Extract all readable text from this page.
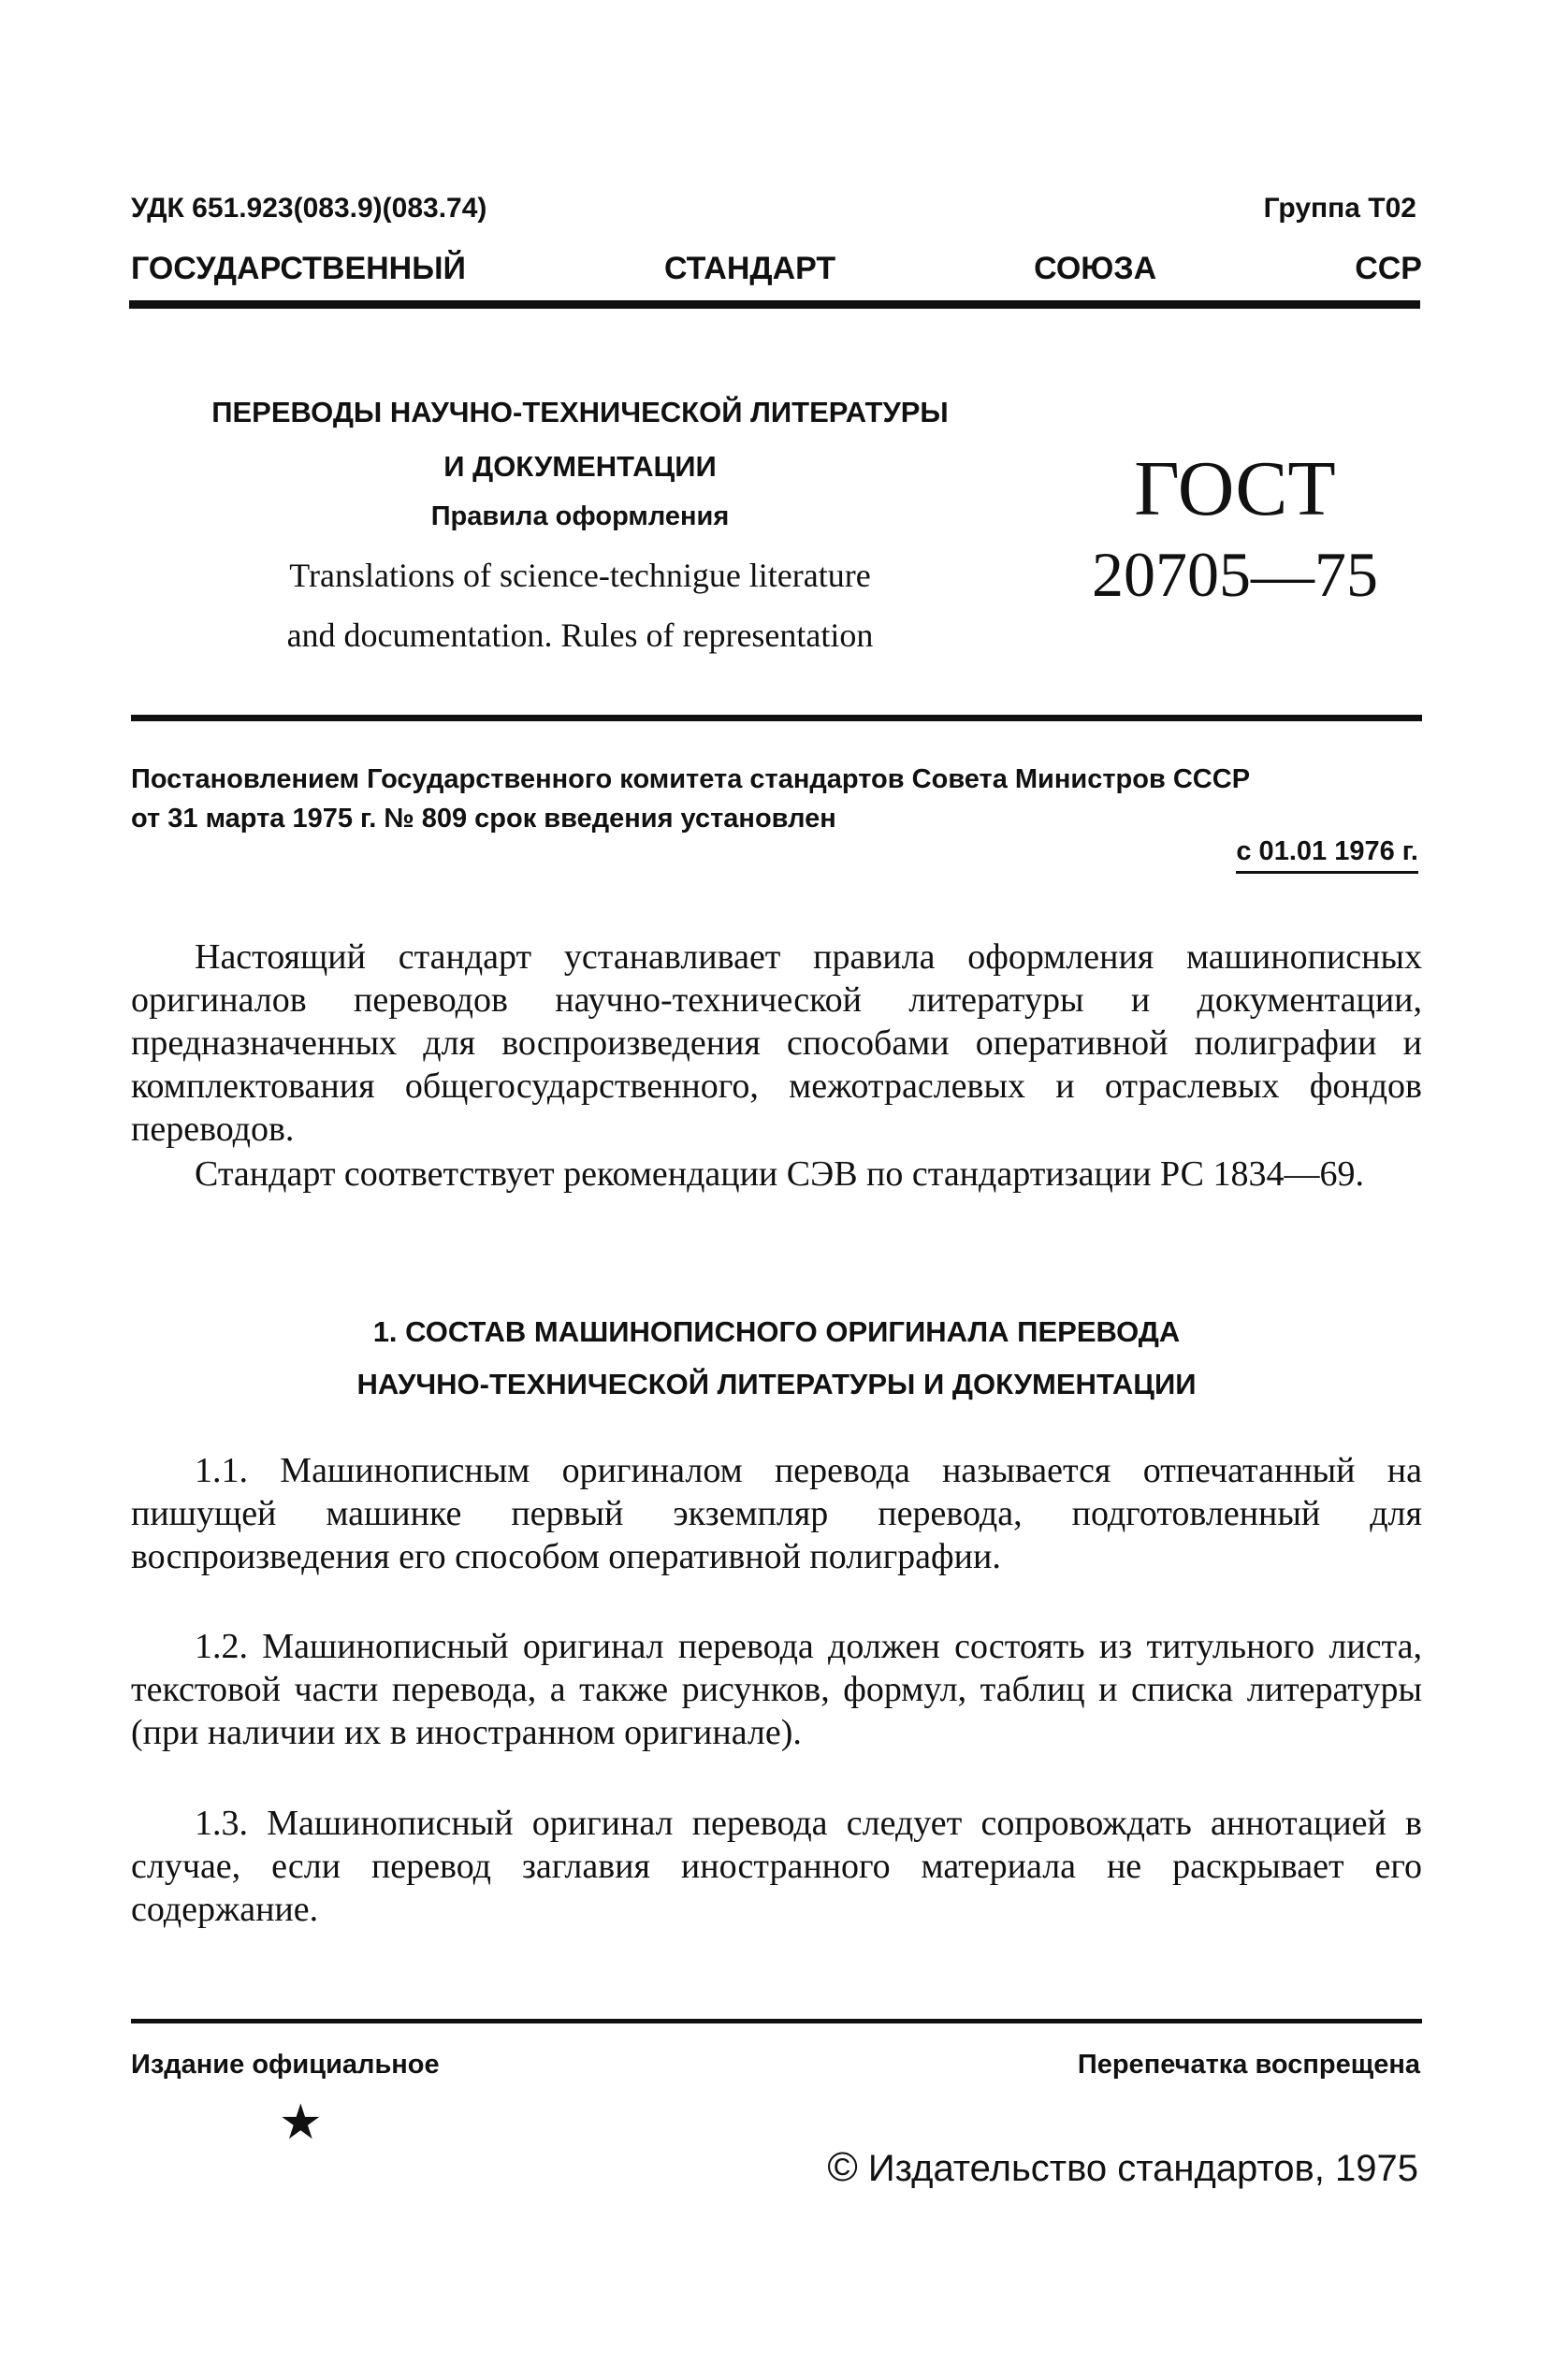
УДК 651.923(083.9)(083.74)	Группа Т02
ГОСУДАРСТВЕННЫЙ	СТАНДАРТ	СОЮЗА	ССР
ПЕРЕВОДЫ НАУЧНО-ТЕХНИЧЕСКОЙ ЛИТЕРАТУРЫ
И ДОКУМЕНТАЦИИ
Правила оформления
Translations of science-technigue literature
and documentation. Rules of representation
ГОСТ
20705—75
Постановлением Государственного комитета стандартов Совета Министров СССР
от 31 марта 1975 г. № 809 срок введения установлен
с 01.01 1976 г.
Настоящий стандарт устанавливает правила оформления машинописных оригиналов переводов научно-технической литературы и документации, предназначенных для воспроизведения способами оперативной полиграфии и комплектования общегосударственного, межотраслевых и отраслевых фондов переводов.
Стандарт соответствует рекомендации СЭВ по стандартизации РС 1834—69.
1. СОСТАВ МАШИНОПИСНОГО ОРИГИНАЛА ПЕРЕВОДА
НАУЧНО-ТЕХНИЧЕСКОЙ ЛИТЕРАТУРЫ И ДОКУМЕНТАЦИИ
1.1. Машинописным оригиналом перевода называется отпечатанный на пишущей машинке первый экземпляр перевода, подготовленный для воспроизведения его способом оперативной полиграфии.
1.2. Машинописный оригинал перевода должен состоять из титульного листа, текстовой части перевода, а также рисунков, формул, таблиц и списка литературы (при наличии их в иностранном оригинале).
1.3. Машинописный оригинал перевода следует сопровождать аннотацией в случае, если перевод заглавия иностранного материала не раскрывает его содержание.
Издание официальное	Перепечатка воспрещена
★
© Издательство стандартов, 1975
